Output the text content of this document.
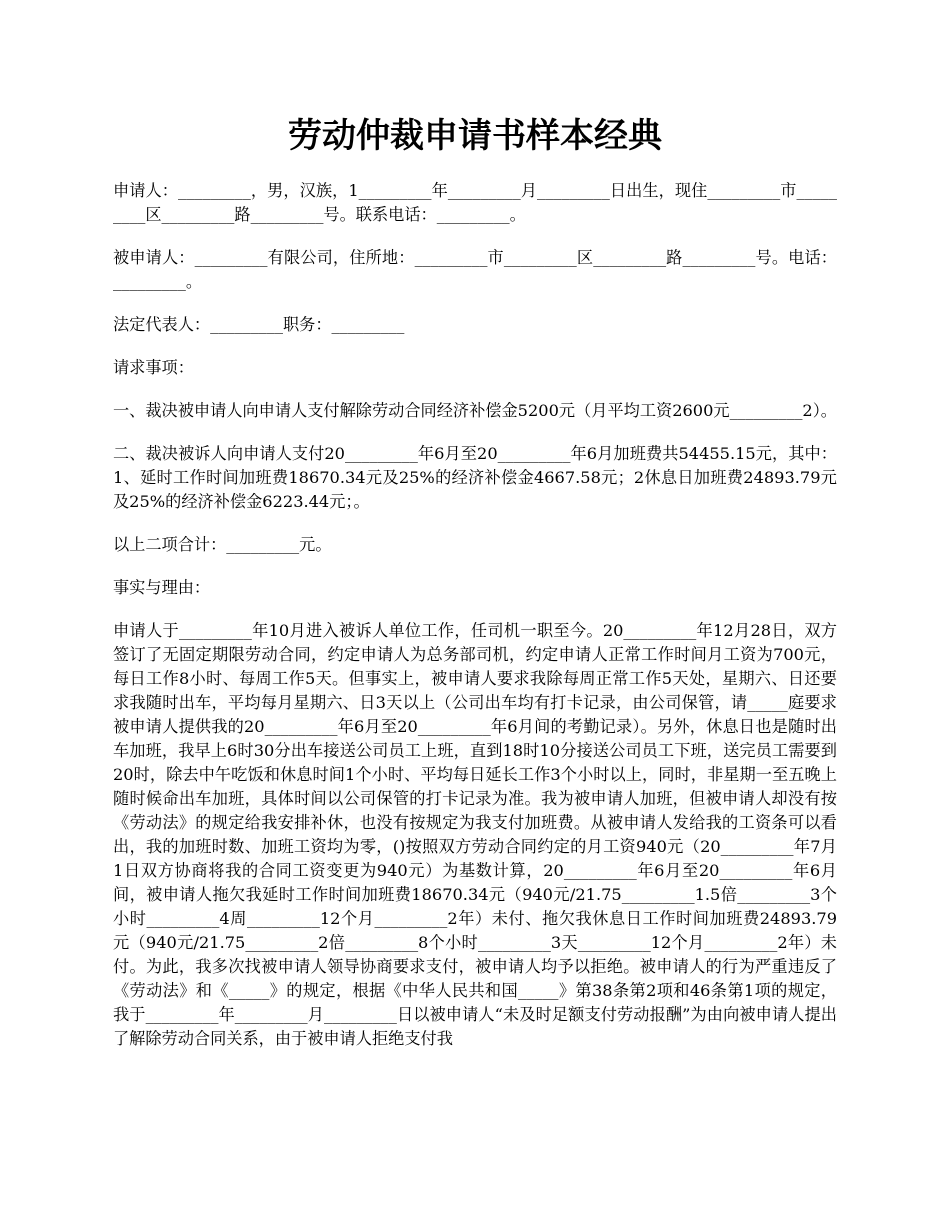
劳动仲裁申请书样本经典

申请人：_________，男，汉族，1_________年_________月_________日出生，现住_________市_________区_________路_________号。联系电话：_________。

被申请人：_________有限公司，住所地：_________市_________区_________路_________号。电话：_________。

法定代表人：_________职务：_________

请求事项：

一、裁决被申请人向申请人支付解除劳动合同经济补偿金5200元（月平均工资2600元_________2）。

二、裁决被诉人向申请人支付20_________年6月至20_________年6月加班费共54455.15元，其中：1、延时工作时间加班费18670.34元及25%的经济补偿金4667.58元；2休息日加班费24893.79元及25%的经济补偿金6223.44元；。

以上二项合计：_________元。

事实与理由：

申请人于_________年10月进入被诉人单位工作，任司机一职至今。20_________年12月28日，双方签订了无固定期限劳动合同，约定申请人为总务部司机，约定申请人正常工作时间月工资为700元，每日工作8小时、每周工作5天。但事实上，被申请人要求我除每周正常工作5天处，星期六、日还要求我随时出车，平均每月星期六、日3天以上（公司出车均有打卡记录，由公司保管，请_____庭要求被申请人提供我的20_________年6月至20_________年6月间的考勤记录）。另外，休息日也是随时出车加班，我早上6时30分出车接送公司员工上班，直到18时10分接送公司员工下班，送完员工需要到20时，除去中午吃饭和休息时间1个小时、平均每日延长工作3个小时以上，同时，非星期一至五晚上随时候命出车加班，具体时间以公司保管的打卡记录为准。我为被申请人加班，但被申请人却没有按《劳动法》的规定给我安排补休，也没有按规定为我支付加班费。从被申请人发给我的工资条可以看出，我的加班时数、加班工资均为零，()按照双方劳动合同约定的月工资940元（20_________年7月1日双方协商将我的合同工资变更为940元）为基数计算，20_________年6月至20_________年6月间，被申请人拖欠我延时工作时间加班费18670.34元（940元/21.75_________1.5倍_________3个小时_________4周_________12个月_________2年）未付、拖欠我休息日工作时间加班费24893.79元（940元/21.75_________2倍_________8个小时_________3天_________12个月_________2年）未付。为此，我多次找被申请人领导协商要求支付，被申请人均予以拒绝。被申请人的行为严重违反了《劳动法》和《_____》的规定，根据《中华人民共和国_____》第38条第2项和46条第1项的规定，我于_________年_________月_________日以被申请人“未及时足额支付劳动报酬”为由向被申请人提出了解除劳动合同关系，由于被申请人拒绝支付我
